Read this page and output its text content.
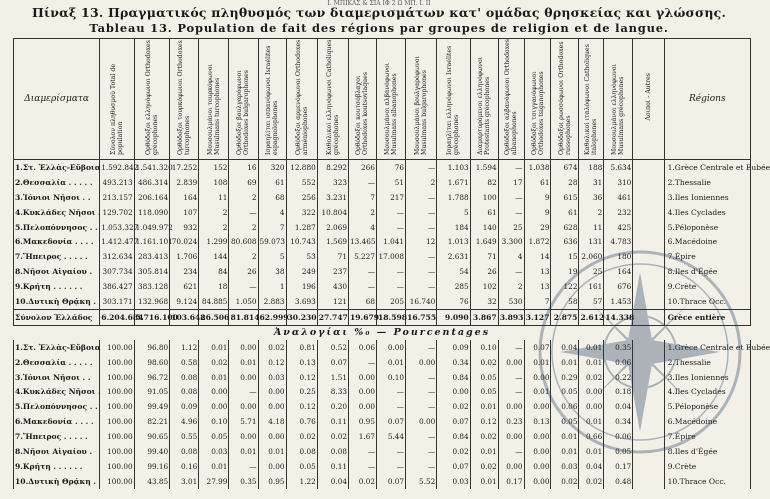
Ι. ΜΠΙΚΑΣ & ΣΙΑ ΙΦ 2 Ω ΜΠ. Ι. ΙΙ
Πίναξ 13. Πραγματικός πληθυσμός των διαμερισμάτων κατ' ομάδας θρησκείας και γλώσσης.
Tableau 13. Population de fait des régions par groupes de religion et de langue.
Διαμερίσματα	Σύνολον πληθυσμού Total de population	Ορθόδοξοι ελληνόφωνοι Orthodoxes grécophones	Ορθόδοξοι τουρκόφωνοι Orthodoxes turcophones	Μουσουλμάνοι τουρκόφωνοι Musulmans turcophones	Ορθόδοξοι βουλγαρόφωνοι Orthodoxes bulgarophones	Ισραηλίται ισπανόφωνοι Israélites espagnolophones	Ορθόδοξοι αρμενόφωνοι Orthodoxes arméniophones	Καθολικοί ελληνόφωνοι Catholiques grécophones	Ορθόδοξοι κουτσόβλαχοι Orthodoxes koutsovlaques	Μουσουλμάνοι αλβανόφωνοι Musulmans albanophones	Μουσουλμάνοι βουλγαρόφωνοι Musulmans bulgarophones	Ισραηλίται ελληνόφωνοι Israélites grécophones	Διαμαρτυρόμενοι ελληνόφωνοι Protestants grécophones	Ορθόδοξοι αλβανόφωνοι Orthodoxes albanophones	Ορθόδοξοι τσιγγανόφωνοι Orthodoxes tsiganophones	Ορθόδοξοι ρωσσόφωνοι Orthodoxes russophones	Καθολικοί ιταλόφωνοι Catholiques italophones	Μουσουλμάνοι ελληνόφωνοι Musulmans grécophones	Λοιποί - Autres	Régions
1.Στ. Ἑλλὰς-Εὔβοια	1.592.842	1.541.320	17.252	152	16	320	12.880	8.292	266	76	—	1.103	1.594	—	1.038	674	188	5.634		1.Grèce Centrale et Eubée
2.Θεσσαλία . . . . .	493.213	486.314	2.839	108	69	61	552	323	—	51	2	1.671	82	17	61	28	31	310		2.Thessalie
3.Ἰόνιοι Νῆσοι . .	213.157	206.164	164	11	2	68	256	3.231	7	217	—	1.788	100	—	9	615	36	461		3.Iles Ioniennes
4.Κυκλάδες Νῆσοι .	129.702	118.090	107	2	—	4	322	10.804	2	—	—	5	61	—	9	61	2	232		4.Iles Cyclades
5.Πελοπόννησος . .	1.053.327	1.049.972	932	2	2	7	1.287	2.069	4	—	—	184	140	25	29	628	11	425		5.Péloponèse
6.Μακεδονία . . . .	1.412.477	1.161.101	70.024	1.299	80.608	59.073	10.743	1.569	13.465	1.041	12	1.013	1.649	3.300	1.872	636	131	4.783		6.Macédoine
7.Ἤπειρος . . . . .	312.634	283.413	1.706	144	2	5	53	71	5.227	17.008	—	2.631	71	4	14	15	2.060	180		7.Épire
8.Νῆσοι Αἰγαίου .	307.734	305.814	234	84	26	38	249	237	—	—	—	54	26	—	13	19	25	164		8.Iles d'Égée
9.Κρήτη . . . . . .	386.427	383.128	621	18	—	1	196	430	—	—	—	285	102	2	13	122	161	676		9.Crète
10.Δυτικὴ Θρᾴκη .	303.171	132.968	9.124	84.885	1.050	2.883	3.693	121	68	205	16.740	76	32	530	7	58	57	1.453		10.Thrace Occ.
Σύνολον Ἑλλάδος	6.204.684	5.716.100	103.642	86.506	81.814	62.999	30.230	27.747	19.679	18.598	16.755	9.090	3.867	3.893	3.127	2.875	2.612	14.338		Grèce entière
Ἀναλογίαι %₀ — Pourcentages																				
1.Στ. Ἑλλὰς-Εὔβοια	100.00	96.80	1.12	0.01	0.00	0.02	0.81	0.52	0.06	0.00	—	0.09	0.10	—	0.07	0.04	0.01	0.35		1.Grèce Centrale et Eubée
2.Θεσσαλία . . . . .	100.00	98.60	0.58	0.02	0.01	0.12	0.13	0.07	—	0.01	0.00	0.34	0.02	0.00	0.01	0.01	0.01	0.06		2.Thessalie
3.Ἰόνιοι Νῆσοι . .	100.00	96.72	0.08	0.01	0.00	0.03	0.12	1.51	0.00	0.10	—	0.84	0.05	—	0.00	0.29	0.02	0.22		3.Iles Ioniennes
4.Κυκλάδες Νῆσοι .	100.00	91.05	0.08	0.00	—	0.00	0.25	8.33	0.00	—	—	0.00	0.05	—	0.01	0.05	0.00	0.18		4.Iles Cyclades
5.Πελοπόννησος . .	100.00	99.49	0.09	0.00	0.00	0.00	0.12	0.20	0.00	—	—	0.02	0.01	0.00	0.00	0.06	0.00	0.04		5.Péloponèse
6.Μακεδονία . . . .	100.00	82.21	4.96	0.10	5.71	4.18	0.76	0.11	0.95	0.07	0.00	0.07	0.12	0.23	0.13	0.05	0.01	0.34		6.Macédoine
7.Ἤπειρος . . . . .	100.00	90.65	0.55	0.05	0.00	0.00	0.02	0.02	1.67	5.44	—	0.84	0.02	0.00	0.00	0.01	0.66	0.06		7.Épire
8.Νῆσοι Αἰγαίου .	100.00	99.40	0.08	0.03	0.01	0.01	0.08	0.08	—	—	—	0.02	0.01	—	0.00	0.01	0.01	0.05		8.Iles d'Égée
9.Κρήτη . . . . . .	100.00	99.16	0.16	0.01	—	0.00	0.05	0.11	—	—	—	0.07	0.02	0.00	0.00	0.03	0.04	0.17		9.Crète
10.Δυτικὴ Θρᾴκη .	100.00	43.85	3.01	27.99	0.35	0.95	1.22	0.04	0.02	0.07	5.52	0.03	0.01	0.17	0.00	0.02	0.02	0.48		10.Thrace Occ.
